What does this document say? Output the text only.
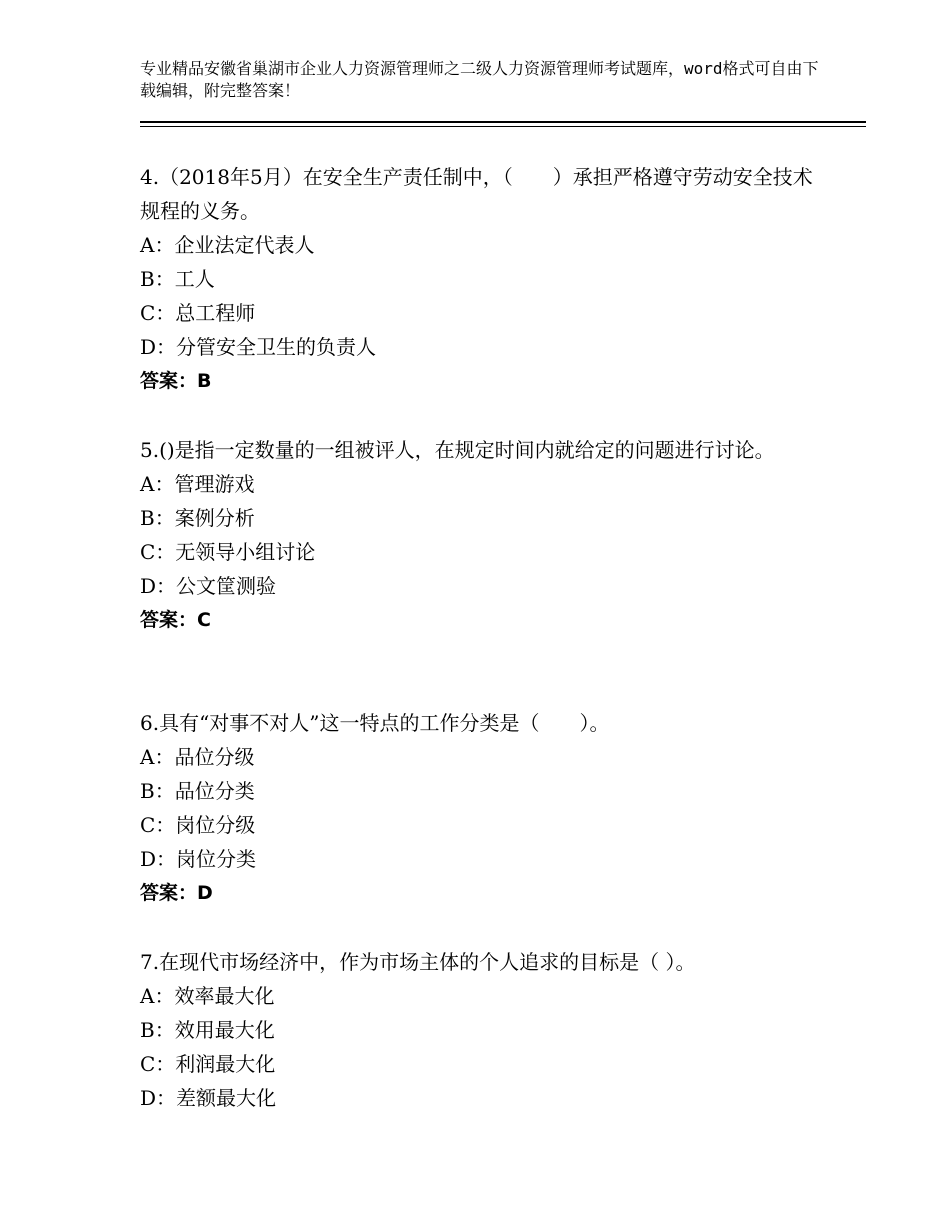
专业精品安徽省巢湖市企业人力资源管理师之二级人力资源管理师考试题库，word格式可自由下载编辑，附完整答案！

4.（2018年5月）在安全生产责任制中，（　　）承担严格遵守劳动安全技术规程的义务。

A：企业法定代表人
B：工人
C：总工程师
D：分管安全卫生的负责人
答案：B

5.()是指一定数量的一组被评人，在规定时间内就给定的问题进行讨论。

A：管理游戏
B：案例分析
C：无领导小组讨论
D：公文筐测验
答案：C

6.具有“对事不对人”这一特点的工作分类是（　　）。

A：品位分级
B：品位分类
C：岗位分级
D：岗位分类
答案：D

7.在现代市场经济中，作为市场主体的个人追求的目标是（ ）。

A：效率最大化
B：效用最大化
C：利润最大化
D：差额最大化
